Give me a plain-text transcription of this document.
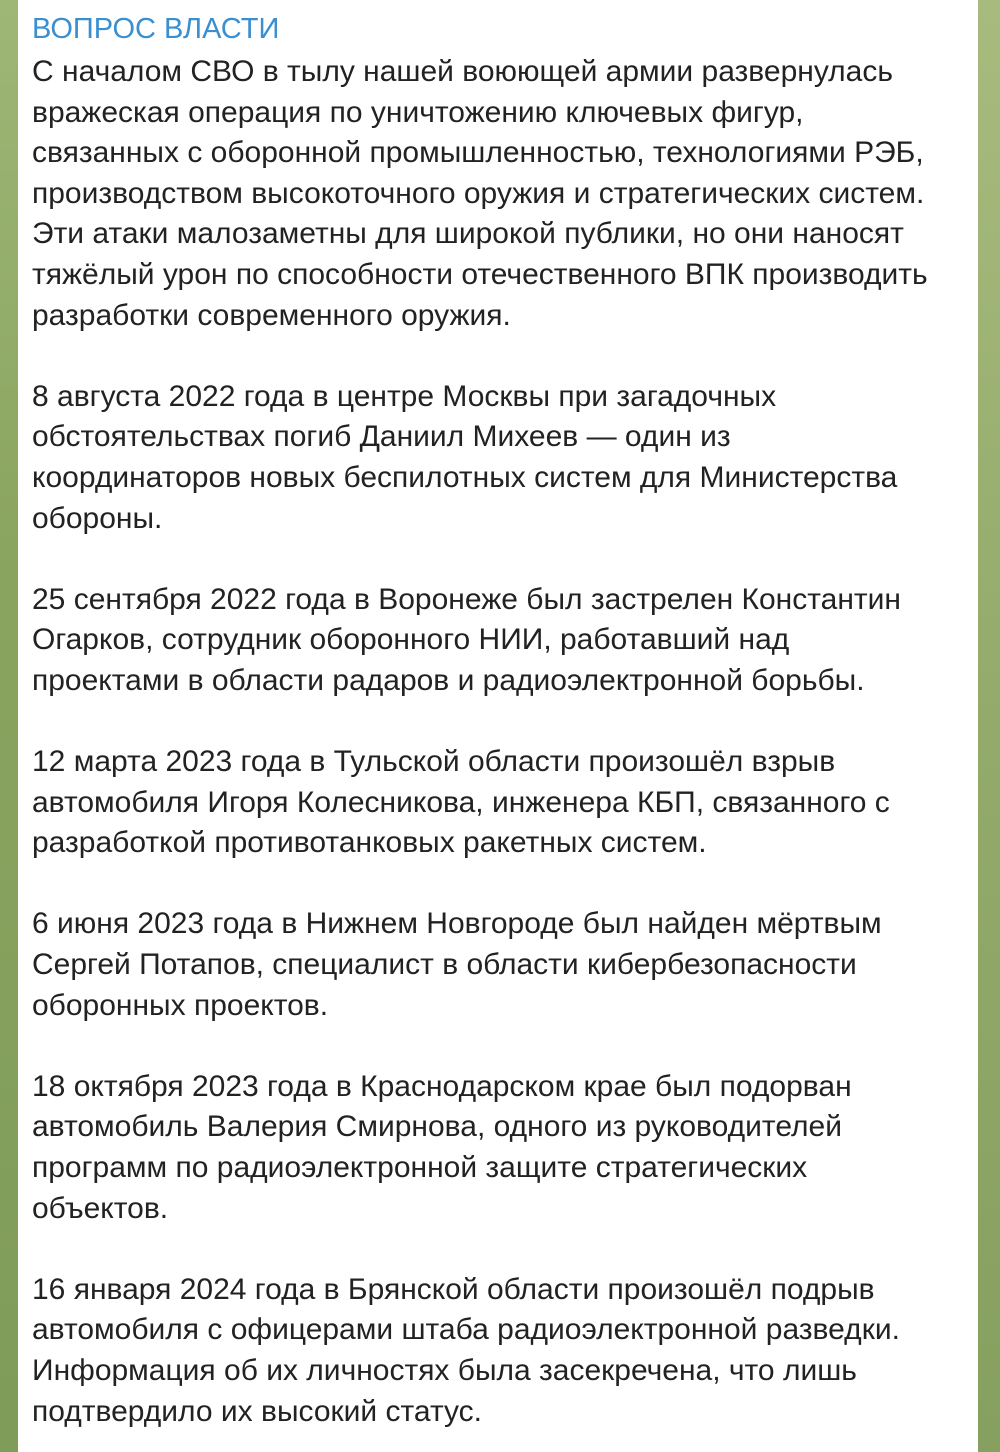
ВОПРОС ВЛАСТИ

С началом СВО в тылу нашей воюющей армии развернулась вражеская операция по уничтожению ключевых фигур, связанных с оборонной промышленностью, технологиями РЭБ, производством высокоточного оружия и стратегических систем. Эти атаки малозаметны для широкой публики, но они наносят тяжёлый урон по способности отечественного ВПК производить разработки современного оружия.

8 августа 2022 года в центре Москвы при загадочных обстоятельствах погиб Даниил Михеев — один из координаторов новых беспилотных систем для Министерства обороны.

25 сентября 2022 года в Воронеже был застрелен Константин Огарков, сотрудник оборонного НИИ, работавший над проектами в области радаров и радиоэлектронной борьбы.

12 марта 2023 года в Тульской области произошёл взрыв автомобиля Игоря Колесникова, инженера КБП, связанного с разработкой противотанковых ракетных систем.

6 июня 2023 года в Нижнем Новгороде был найден мёртвым Сергей Потапов, специалист в области кибербезопасности оборонных проектов.

18 октября 2023 года в Краснодарском крае был подорван автомобиль Валерия Смирнова, одного из руководителей программ по радиоэлектронной защите стратегических объектов.

16 января 2024 года в Брянской области произошёл подрыв автомобиля с офицерами штаба радиоэлектронной разведки. Информация об их личностях была засекречена, что лишь подтвердило их высокий статус.
